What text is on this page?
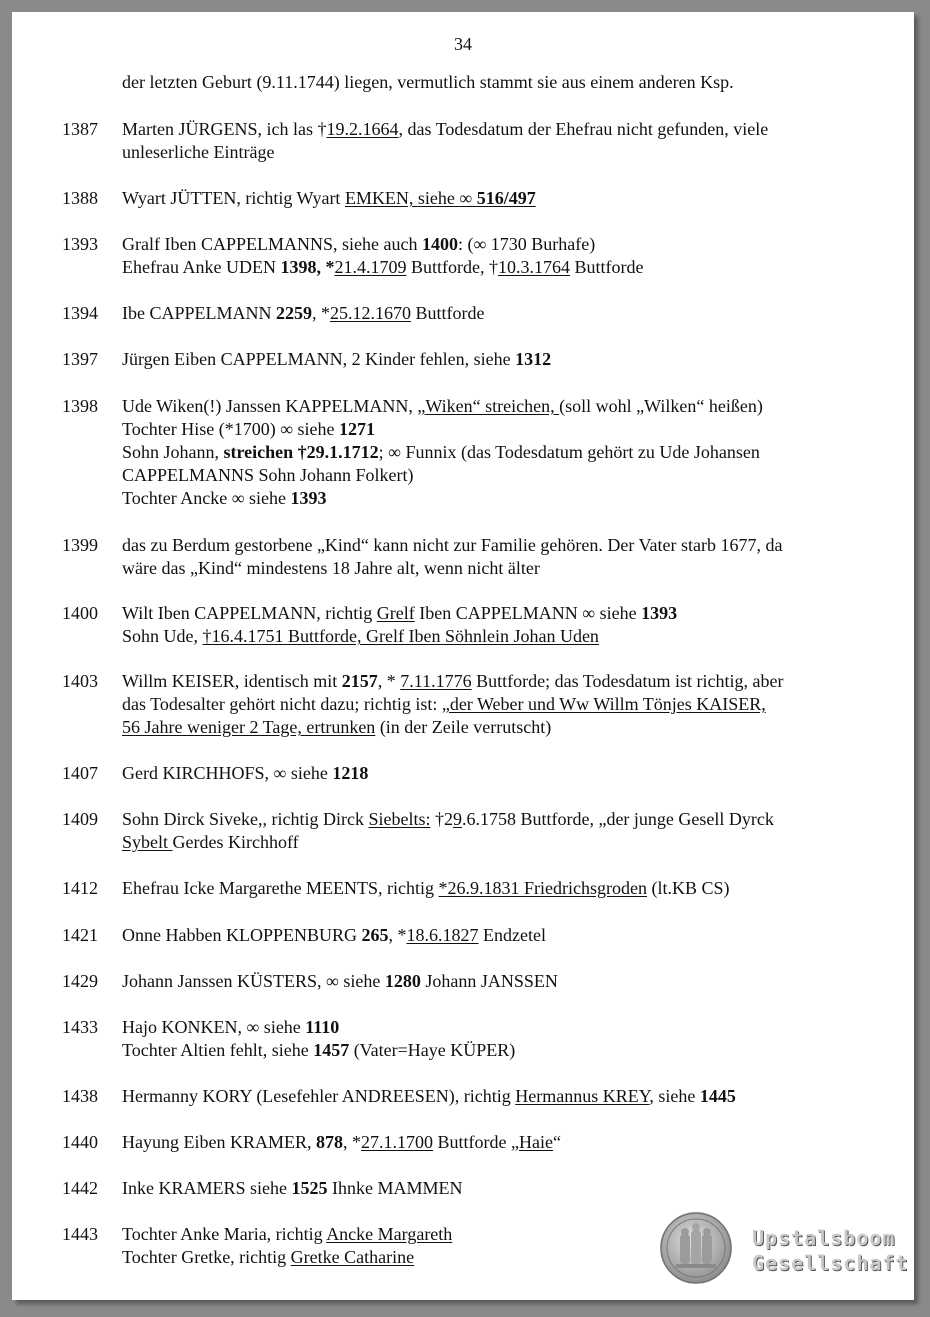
34
der letzten Geburt (9.11.1744) liegen, vermutlich stammt sie aus einem anderen Ksp.
1387 Marten JÜRGENS, ich las †19.2.1664, das Todesdatum der Ehefrau nicht gefunden, viele
unleserliche Einträge
1388 Wyart JÜTTEN, richtig Wyart EMKEN, siehe ∞ 516/497
1393 Gralf Iben CAPPELMANNS, siehe auch 1400: (∞ 1730 Burhafe)
Ehefrau Anke UDEN 1398, *21.4.1709 Buttforde, †10.3.1764 Buttforde
1394 Ibe CAPPELMANN 2259, *25.12.1670 Buttforde
1397 Jürgen Eiben CAPPELMANN, 2 Kinder fehlen, siehe 1312
1398 Ude Wiken(!) Janssen KAPPELMANN, „Wiken“ streichen, (soll wohl „Wilken“ heißen)
Tochter Hise (*1700) ∞ siehe 1271
Sohn Johann, streichen †29.1.1712; ∞ Funnix (das Todesdatum gehört zu Ude Johansen
CAPPELMANNS Sohn Johann Folkert)
Tochter Ancke ∞ siehe 1393
1399 das zu Berdum gestorbene „Kind“ kann nicht zur Familie gehören. Der Vater starb 1677, da
wäre das „Kind“ mindestens 18 Jahre alt, wenn nicht älter
1400 Wilt Iben CAPPELMANN, richtig Grelf Iben CAPPELMANN ∞ siehe 1393
Sohn Ude, †16.4.1751 Buttforde, Grelf Iben Söhnlein Johan Uden
1403 Willm KEISER, identisch mit 2157, * 7.11.1776 Buttforde; das Todesdatum ist richtig, aber
das Todesalter gehört nicht dazu; richtig ist: „der Weber und Ww Willm Tönjes KAISER,
56 Jahre weniger 2 Tage, ertrunken (in der Zeile verrutscht)
1407 Gerd KIRCHHOFS, ∞ siehe 1218
1409 Sohn Dirck Siveke,, richtig Dirck Siebelts: †29.6.1758 Buttforde, „der junge Gesell Dyrck
Sybelt Gerdes Kirchhoff
1412 Ehefrau Icke Margarethe MEENTS, richtig *26.9.1831 Friedrichsgroden (lt.KB CS)
1421 Onne Habben KLOPPENBURG 265, *18.6.1827 Endzetel
1429 Johann Janssen KÜSTERS, ∞ siehe 1280 Johann JANSSEN
1433 Hajo KONKEN, ∞ siehe 1110
Tochter Altien fehlt, siehe 1457 (Vater=Haye KÜPER)
1438 Hermanny KORY (Lesefehler ANDREESEN), richtig Hermannus KREY, siehe 1445
1440 Hayung Eiben KRAMER, 878, *27.1.1700 Buttforde „Haie“
1442 Inke KRAMERS siehe 1525 Ihnke MAMMEN
1443 Tochter Anke Maria, richtig Ancke Margareth
Tochter Gretke, richtig Gretke Catharine
Upstalsboom
Gesellschaft
